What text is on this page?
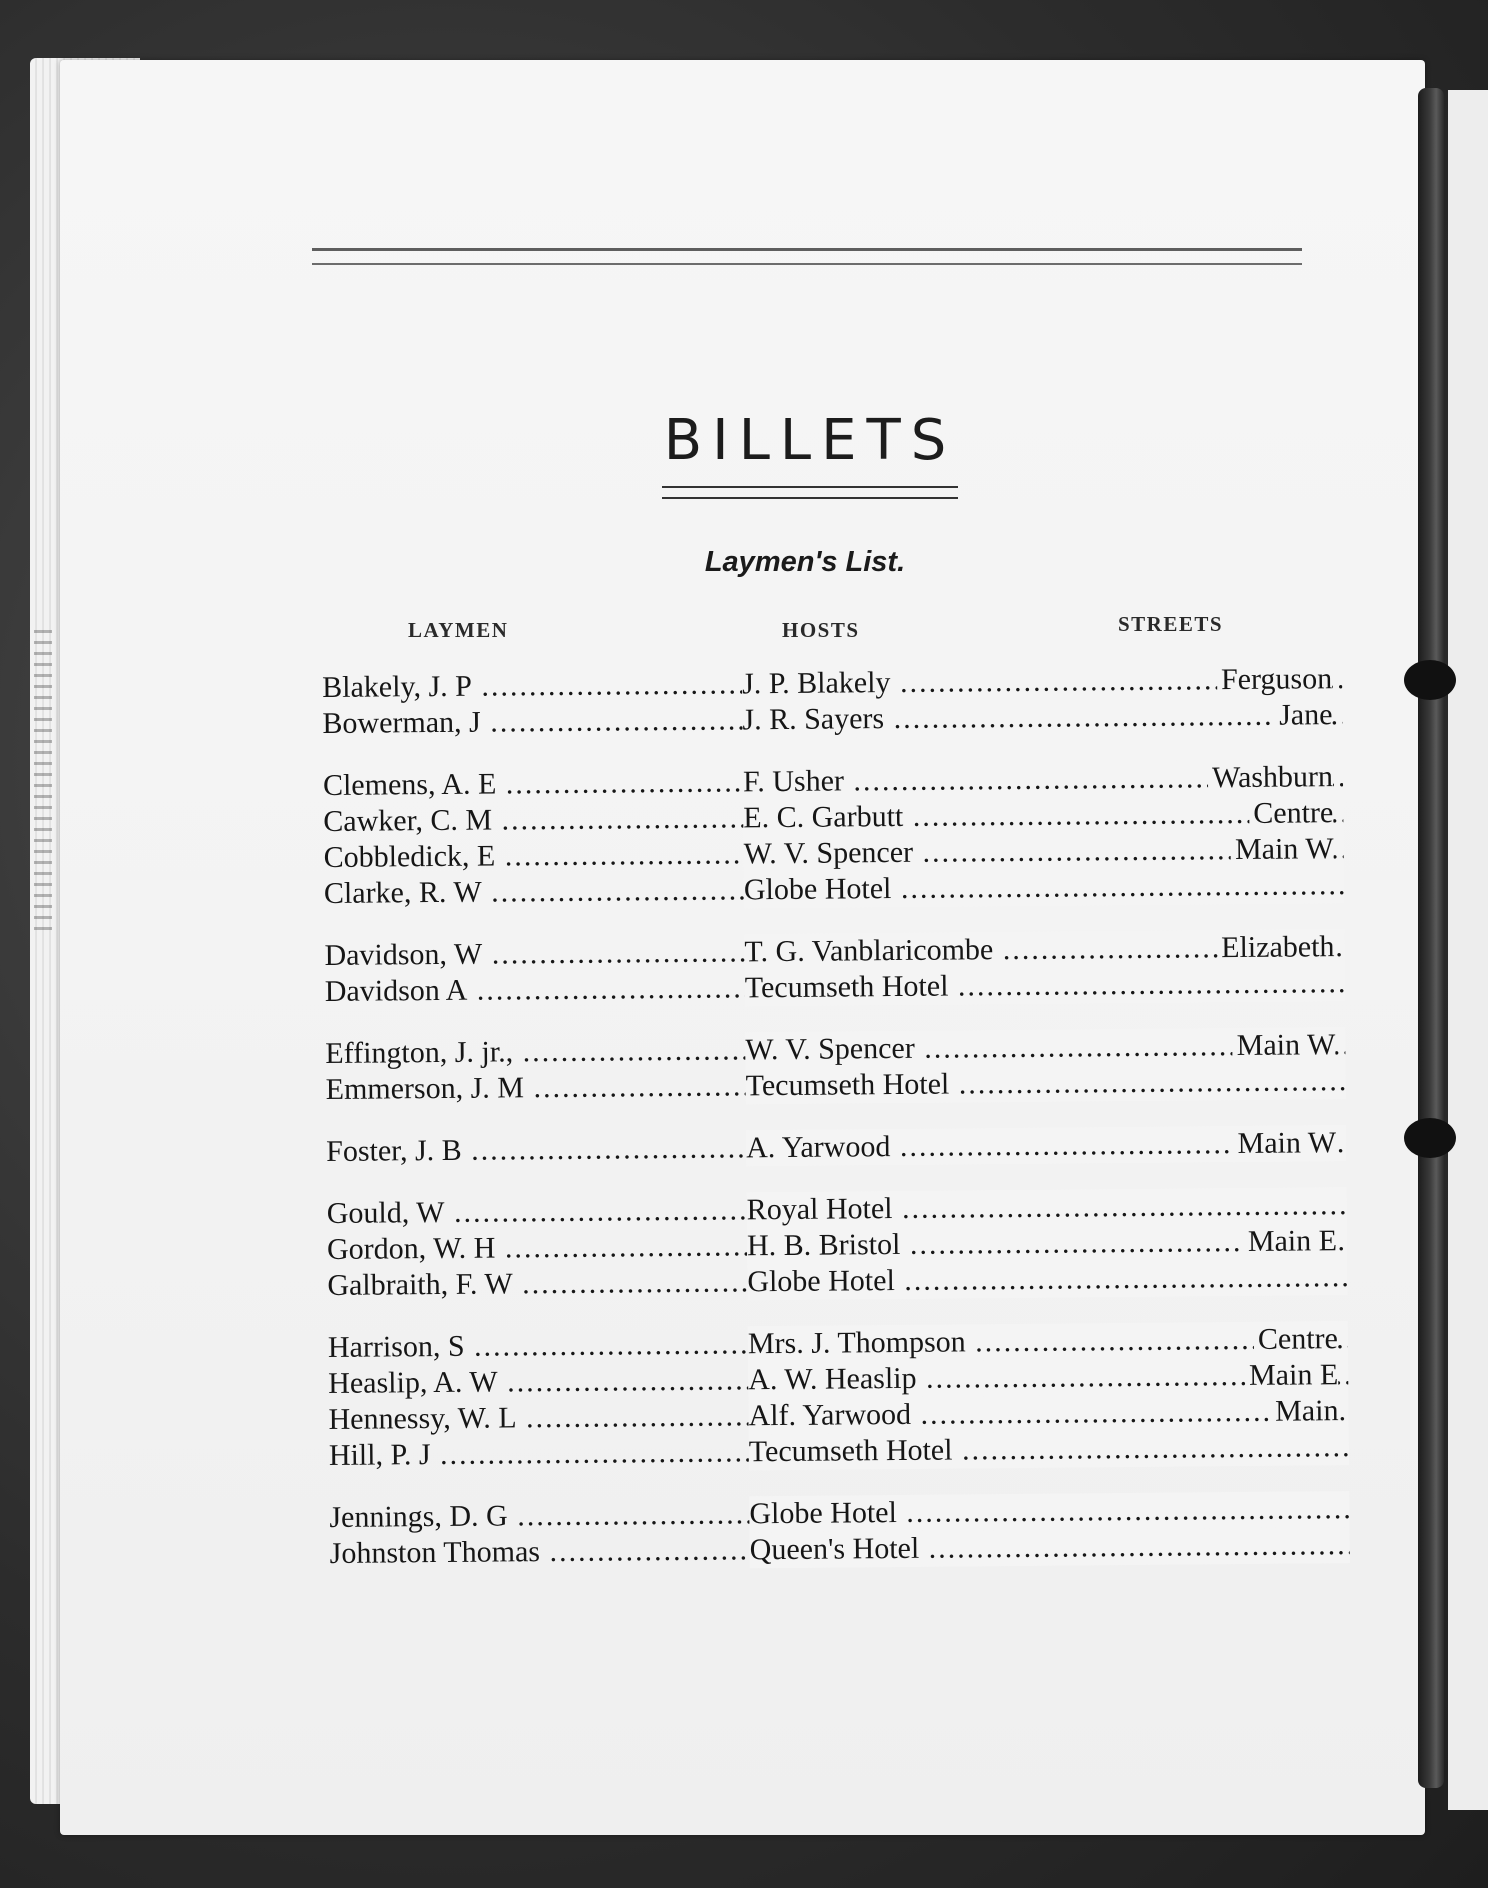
BILLETS
Laymen's List.
LAYMEN	HOSTS	STREETS
Blakely, J. P .....	J. P. Blakely .....	Ferguson
Bowerman, J .....	J. R. Sayers .....	Jane
Clemens, A. E .....	F. Usher .....	Washburn
Cawker, C. M .....	E. C. Garbutt .....	Centre
Cobbledick, E .....	W. V. Spencer .....	Main W
Clarke, R. W .....	Globe Hotel .....
Davidson, W .....	T. G. Vanblaricombe .....	Elizabeth
Davidson A .....	Tecumseth Hotel .....
Effington, J. jr., .....	W. V. Spencer .....	Main W
Emmerson, J. M .....	Tecumseth Hotel .....
Foster, J. B .....	A. Yarwood .....	Main W
Gould, W .....	Royal Hotel .....
Gordon, W. H .....	H. B. Bristol .....	Main E
Galbraith, F. W .....	Globe Hotel .....
Harrison, S .....	Mrs. J. Thompson .....	Centre
Heaslip, A. W .....	A. W. Heaslip .....	Main E
Hennessy, W. L .....	Alf. Yarwood .....	Main
Hill, P. J .....	Tecumseth Hotel .....
Jennings, D. G .....	Globe Hotel .....
Johnston Thomas .....	Queen's Hotel .....
